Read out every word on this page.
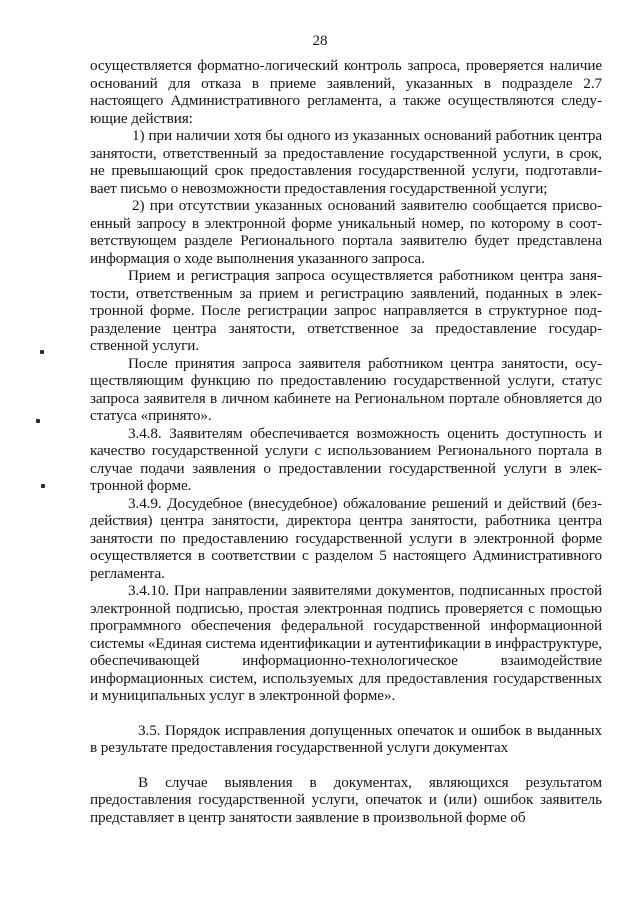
28

осуществляется форматно-логический контроль запроса, проверяется наличие оснований для отказа в приеме заявлений, указанных в подразделе 2.7 настоящего Административного регламента, а также осуществляются следующие действия:

1) при наличии хотя бы одного из указанных оснований работник центра занятости, ответственный за предоставление государственной услуги, в срок, не превышающий срок предоставления государственной услуги, подготавливает письмо о невозможности предоставления государственной услуги;

2) при отсутствии указанных оснований заявителю сообщается присвоенный запросу в электронной форме уникальный номер, по которому в соответствующем разделе Регионального портала заявителю будет представлена информация о ходе выполнения указанного запроса.

Прием и регистрация запроса осуществляется работником центра занятости, ответственным за прием и регистрацию заявлений, поданных в электронной форме. После регистрации запрос направляется в структурное подразделение центра занятости, ответственное за предоставление государственной услуги.

После принятия запроса заявителя работником центра занятости, осуществляющим функцию по предоставлению государственной услуги, статус запроса заявителя в личном кабинете на Региональном портале обновляется до статуса «принято».

3.4.8. Заявителям обеспечивается возможность оценить доступность и качество государственной услуги с использованием Регионального портала в случае подачи заявления о предоставлении государственной услуги в электронной форме.

3.4.9. Досудебное (внесудебное) обжалование решений и действий (бездействия) центра занятости, директора центра занятости, работника центра занятости по предоставлению государственной услуги в электронной форме осуществляется в соответствии с разделом 5 настоящего Административного регламента.

3.4.10. При направлении заявителями документов, подписанных простой электронной подписью, простая электронная подпись проверяется с помощью программного обеспечения федеральной государственной информационной системы «Единая система идентификации и аутентификации в инфраструктуре, обеспечивающей информационно-технологическое взаимодействие информационных систем, используемых для предоставления государственных и муниципальных услуг в электронной форме».

3.5. Порядок исправления допущенных опечаток и ошибок в выданных в результате предоставления государственной услуги документах

В случае выявления в документах, являющихся результатом предоставления государственной услуги, опечаток и (или) ошибок заявитель представляет в центр занятости заявление в произвольной форме об
